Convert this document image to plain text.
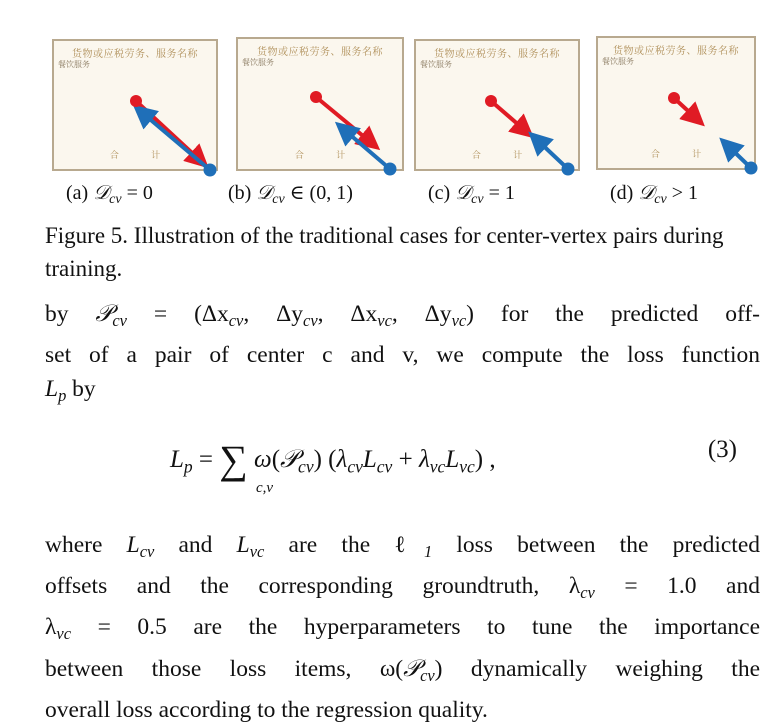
货物或应税劳务、服务名称
餐饮服务
合 计
货物或应税劳务、服务名称
餐饮服务
合 计
货物或应税劳务、服务名称
餐饮服务
合 计
货物或应税劳务、服务名称
餐饮服务
合 计
(a) 𝒟$_{cv}$ = 0	(b) 𝒟$_{cv}$ ∈ (0, 1)	(c) 𝒟$_{cv}$ = 1	(d) 𝒟$_{cv}$ > 1
Figure 5. Illustration of the traditional cases for center-vertex pairs during training.
by 𝒫$_{cv}$ = ($\Delta x_{cv}$, $\Delta y_{cv}$, $\Delta x_{vc}$, $\Delta y_{vc}$) for the predicted off-
set of a pair of center c and v, we compute the loss function
$L_p$ by
$L_p$ = ∑ ω(𝒫$_{cv}$) $(\lambda_{cv}L_{cv} + \lambda_{vc}L_{vc})$ ,
c,v
(3)
where $L_{cv}$ and $L_{vc}$ are the ℓ$_1$ loss between the predicted
offsets and the corresponding groundtruth, $\lambda_{cv} = 1.0$ and
$\lambda_{vc} = 0.5$ are the hyperparameters to tune the importance
between those loss items, ω(𝒫$_{cv}$) dynamically weighing the
overall loss according to the regression quality.
